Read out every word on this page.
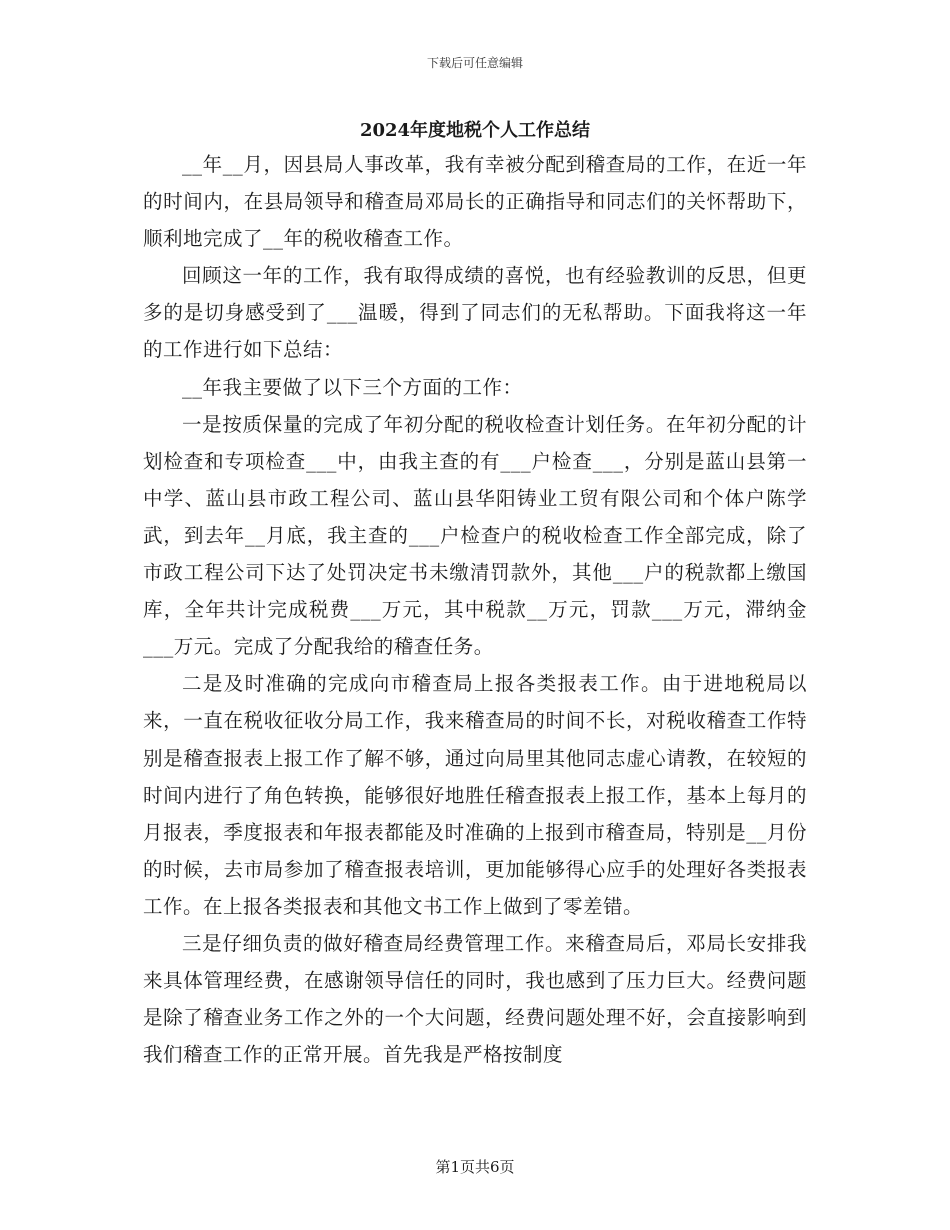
下载后可任意编辑
2024年度地税个人工作总结

__年__月，因县局人事改革，我有幸被分配到稽查局的工作，在近一年的时间内，在县局领导和稽查局邓局长的正确指导和同志们的关怀帮助下，顺利地完成了__年的税收稽查工作。

回顾这一年的工作，我有取得成绩的喜悦，也有经验教训的反思，但更多的是切身感受到了___温暖，得到了同志们的无私帮助。下面我将这一年的工作进行如下总结：

__年我主要做了以下三个方面的工作：

一是按质保量的完成了年初分配的税收检查计划任务。在年初分配的计划检查和专项检查___中，由我主查的有___户检查___，分别是蓝山县第一中学、蓝山县市政工程公司、蓝山县华阳铸业工贸有限公司和个体户陈学武，到去年__月底，我主查的___户检查户的税收检查工作全部完成，除了市政工程公司下达了处罚决定书未缴清罚款外，其他___户的税款都上缴国库，全年共计完成税费___万元，其中税款__万元，罚款___万元，滞纳金___万元。完成了分配我给的稽查任务。

二是及时准确的完成向市稽查局上报各类报表工作。由于进地税局以来，一直在税收征收分局工作，我来稽查局的时间不长，对税收稽查工作特别是稽查报表上报工作了解不够，通过向局里其他同志虚心请教，在较短的时间内进行了角色转换，能够很好地胜任稽查报表上报工作，基本上每月的月报表，季度报表和年报表都能及时准确的上报到市稽查局，特别是__月份的时候，去市局参加了稽查报表培训，更加能够得心应手的处理好各类报表工作。在上报各类报表和其他文书工作上做到了零差错。

三是仔细负责的做好稽查局经费管理工作。来稽查局后，邓局长安排我来具体管理经费，在感谢领导信任的同时，我也感到了压力巨大。经费问题是除了稽查业务工作之外的一个大问题，经费问题处理不好，会直接影响到我们稽查工作的正常开展。首先我是严格按制度

第1页共6页
